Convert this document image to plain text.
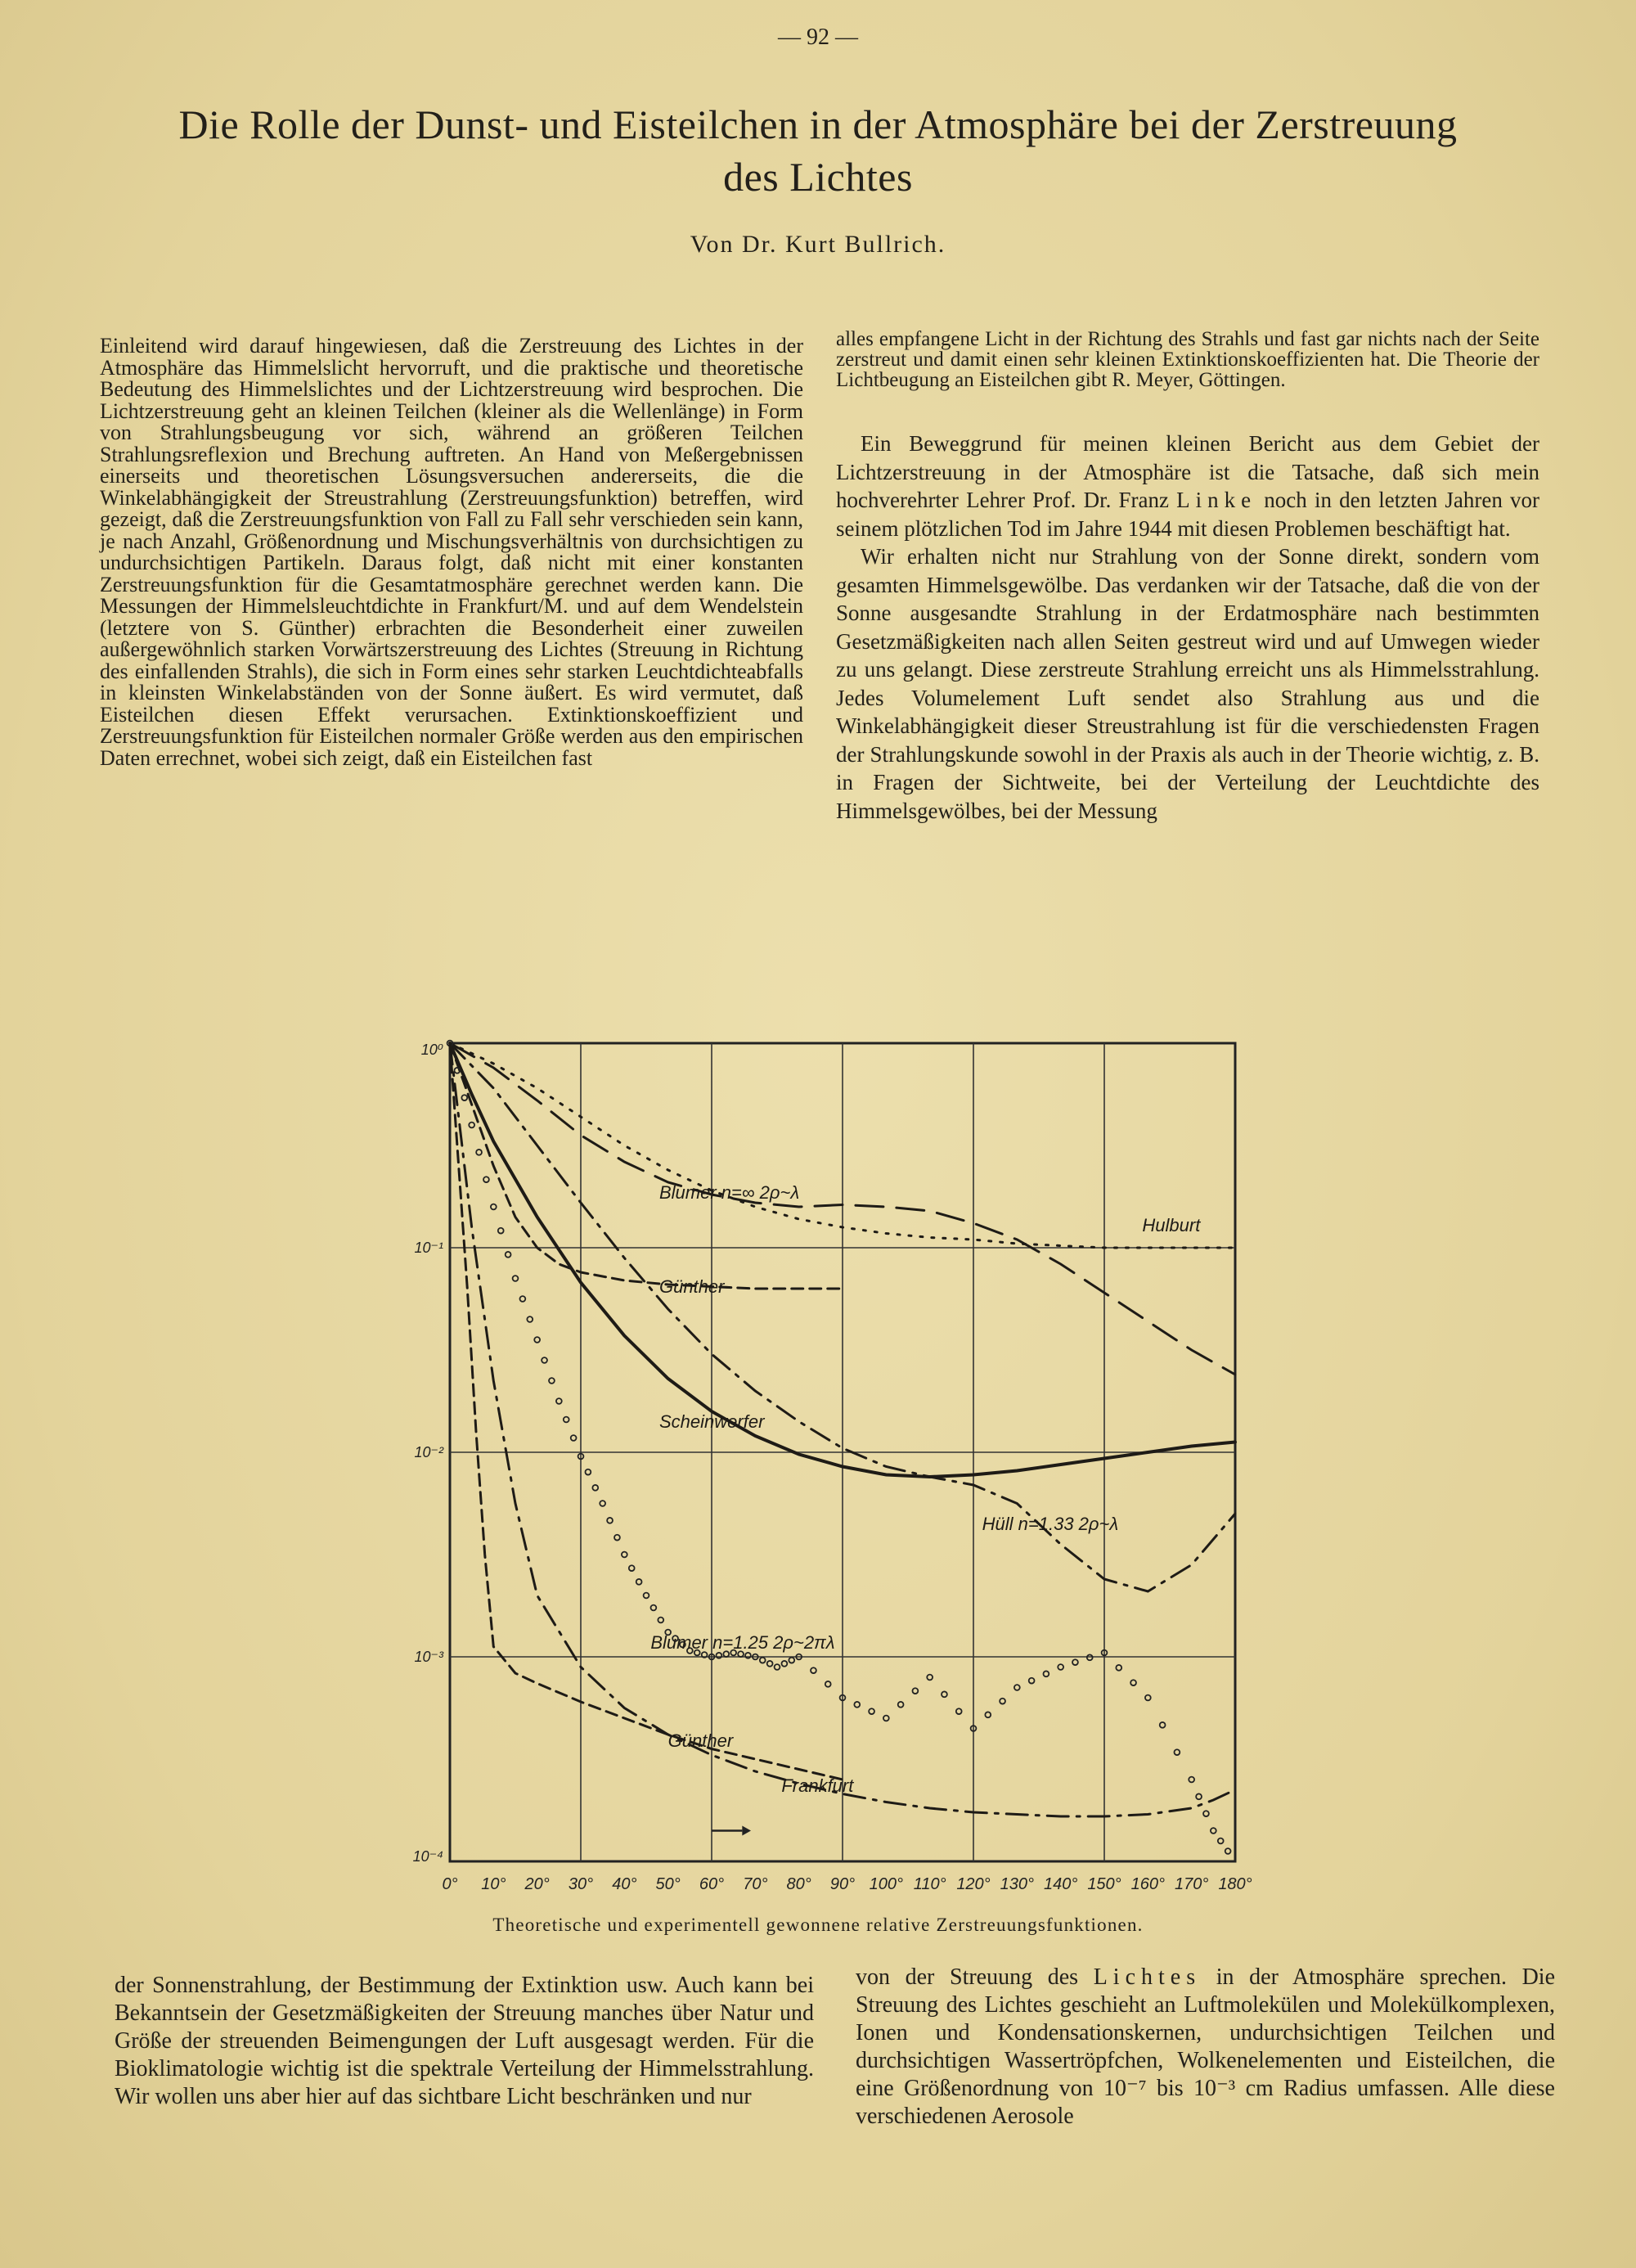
— 92 —
Die Rolle der Dunst- und Eisteilchen in der Atmosphäre bei der Zerstreuung
des Lichtes
Von Dr. Kurt Bullrich.

Einleitend wird darauf hingewiesen, daß die Zerstreuung des Lichtes in der Atmosphäre das Himmelslicht hervorruft, und die praktische und theoretische Bedeutung des Himmelslichtes und der Lichtzerstreuung wird besprochen. Die Lichtzerstreuung geht an kleinen Teilchen (kleiner als die Wellenlänge) in Form von Strahlungsbeugung vor sich, während an größeren Teilchen Strahlungsreflexion und Brechung auftreten. An Hand von Meßergebnissen einerseits und theoretischen Lösungsversuchen andererseits, die die Winkelabhängigkeit der Streustrahlung (Zerstreuungsfunktion) betreffen, wird gezeigt, daß die Zerstreuungsfunktion von Fall zu Fall sehr verschieden sein kann, je nach Anzahl, Größenordnung und Mischungsverhältnis von durchsichtigen zu undurchsichtigen Partikeln. Daraus folgt, daß nicht mit einer konstanten Zerstreuungsfunktion für die Gesamtatmosphäre gerechnet werden kann. Die Messungen der Himmelsleuchtdichte in Frankfurt/M. und auf dem Wendelstein (letztere von S. Günther) erbrachten die Besonderheit einer zuweilen außergewöhnlich starken Vorwärtszerstreuung des Lichtes (Streuung in Richtung des einfallenden Strahls), die sich in Form eines sehr starken Leuchtdichteabfalls in kleinsten Winkelabständen von der Sonne äußert. Es wird vermutet, daß Eisteilchen diesen Effekt verursachen. Extinktionskoeffizient und Zerstreuungsfunktion für Eisteilchen normaler Größe werden aus den empirischen Daten errechnet, wobei sich zeigt, daß ein Eisteilchen fast

alles empfangene Licht in der Richtung des Strahls und fast gar nichts nach der Seite zerstreut und damit einen sehr kleinen Extinktionskoeffizienten hat. Die Theorie der Lichtbeugung an Eisteilchen gibt R. Meyer, Göttingen.

Ein Beweggrund für meinen kleinen Bericht aus dem Gebiet der Lichtzerstreuung in der Atmosphäre ist die Tatsache, daß sich mein hochverehrter Lehrer Prof. Dr. Franz Linke noch in den letzten Jahren vor seinem plötzlichen Tod im Jahre 1944 mit diesen Problemen beschäftigt hat.

Wir erhalten nicht nur Strahlung von der Sonne direkt, sondern vom gesamten Himmelsgewölbe. Das verdanken wir der Tatsache, daß die von der Sonne ausgesandte Strahlung in der Erdatmosphäre nach bestimmten Gesetzmäßigkeiten nach allen Seiten gestreut wird und auf Umwegen wieder zu uns gelangt. Diese zerstreute Strahlung erreicht uns als Himmelsstrahlung. Jedes Volumelement Luft sendet also Strahlung aus und die Winkelabhängigkeit dieser Streustrahlung ist für die verschiedensten Fragen der Strahlungskunde sowohl in der Praxis als auch in der Theorie wichtig, z. B. in Fragen der Sichtweite, bei der Verteilung der Leuchtdichte des Himmelsgewölbes, bei der Messung

0° 10° 20° 30° 40° 50° 60° 70° 80° 90° 100° 110° 120° 130° 140° 150° 160° 170° 180°
10⁰
10⁻¹
10⁻²
10⁻³
10⁻⁴
Blumer n=∞ 2ρ~λ
Hulburt
Günther
Scheinwerfer
Hüll n=1.33 2ρ~λ
Blumer n=1.25 2ρ~2πλ
Günther
Frankfurt
Theoretische und experimentell gewonnene relative Zerstreuungsfunktionen.

der Sonnenstrahlung, der Bestimmung der Extinktion usw. Auch kann bei Bekanntsein der Gesetzmäßigkeiten der Streuung manches über Natur und Größe der streuenden Beimengungen der Luft ausgesagt werden. Für die Bioklimatologie wichtig ist die spektrale Verteilung der Himmelsstrahlung. Wir wollen uns aber hier auf das sichtbare Licht beschränken und nur

von der Streuung des Lichtes in der Atmosphäre sprechen. Die Streuung des Lichtes geschieht an Luftmolekülen und Molekülkomplexen, Ionen und Kondensationskernen, undurchsichtigen Teilchen und durchsichtigen Wassertröpfchen, Wolkenelementen und Eisteilchen, die eine Größenordnung von 10⁻⁷ bis 10⁻³ cm Radius umfassen. Alle diese verschiedenen Aerosole
